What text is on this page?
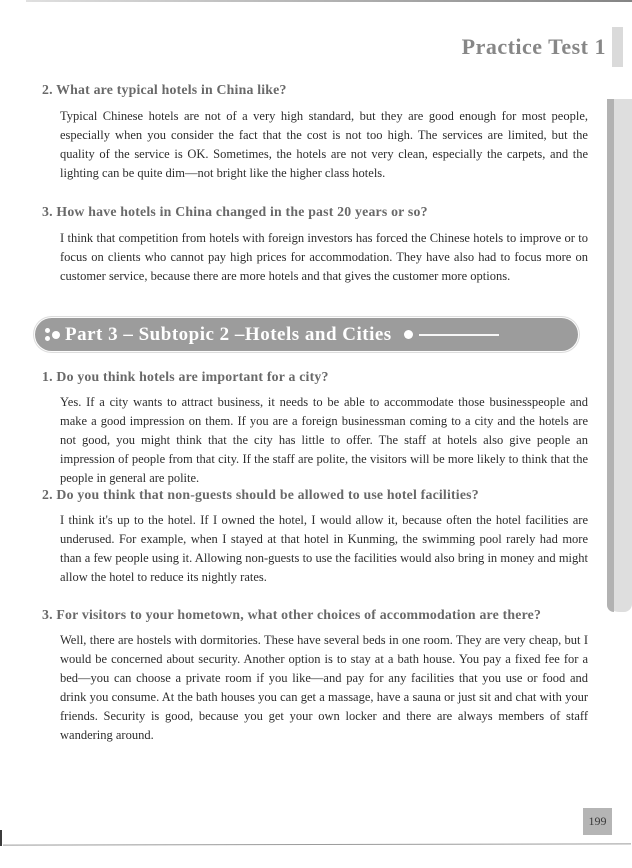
Practice Test 1
2. What are typical hotels in China like?
Typical Chinese hotels are not of a very high standard, but they are good enough for most people, especially when you consider the fact that the cost is not too high. The services are limited, but the quality of the service is OK. Sometimes, the hotels are not very clean, especially the carpets, and the lighting can be quite dim—not bright like the higher class hotels.
3. How have hotels in China changed in the past 20 years or so?
I think that competition from hotels with foreign investors has forced the Chinese hotels to improve or to focus on clients who cannot pay high prices for accommodation. They have also had to focus more on customer service, because there are more hotels and that gives the customer more options.
Part 3 – Subtopic 2 –Hotels and Cities
1. Do you think hotels are important for a city?
Yes. If a city wants to attract business, it needs to be able to accommodate those businesspeople and make a good impression on them. If you are a foreign businessman coming to a city and the hotels are not good, you might think that the city has little to offer. The staff at hotels also give people an impression of people from that city. If the staff are polite, the visitors will be more likely to think that the people in general are polite.
2. Do you think that non-guests should be allowed to use hotel facilities?
I think it's up to the hotel. If I owned the hotel, I would allow it, because often the hotel facilities are underused. For example, when I stayed at that hotel in Kunming, the swimming pool rarely had more than a few people using it. Allowing non-guests to use the facilities would also bring in money and might allow the hotel to reduce its nightly rates.
3. For visitors to your hometown, what other choices of accommodation are there?
Well, there are hostels with dormitories. These have several beds in one room. They are very cheap, but I would be concerned about security. Another option is to stay at a bath house. You pay a fixed fee for a bed—you can choose a private room if you like—and pay for any facilities that you use or food and drink you consume. At the bath houses you can get a massage, have a sauna or just sit and chat with your friends. Security is good, because you get your own locker and there are always members of staff wandering around.
199
